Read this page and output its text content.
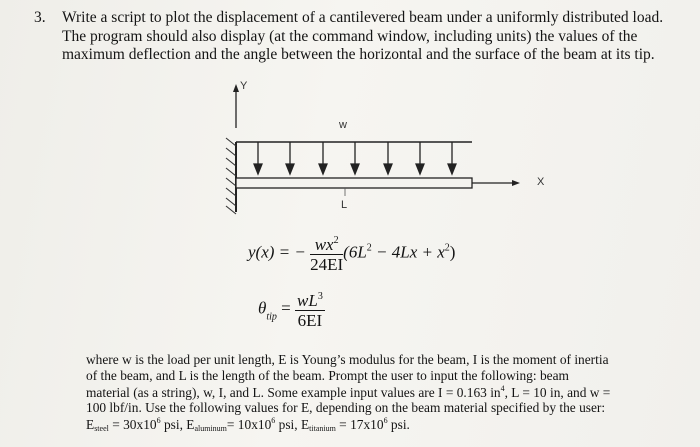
3. Write a script to plot the displacement of a cantilevered beam under a uniformly distributed load.
The program should also display (at the command window, including units) the values of the
maximum deflection and the angle between the horizontal and the surface of the beam at its tip.
Y
X
w
L
y(x) = − $\frac{wx^2}{24EI} (6L^2 - 4Lx + x^2)$
$\theta_{tip} = \frac{wL^3}{6EI}$
where w is the load per unit length, E is Young’s modulus for the beam, I is the moment of inertia
of the beam, and L is the length of the beam. Prompt the user to input the following: beam
material (as a string), w, I, and L. Some example input values are I = 0.163 $in^4$, L = 10 in, and w =
100 lbf/in. Use the following values for E, depending on the beam material specified by the user:
Esteel = $30x10^6$ psi, Ealuminum= $10x10^6$ psi, Etitanium = $17x10^6$ psi.
